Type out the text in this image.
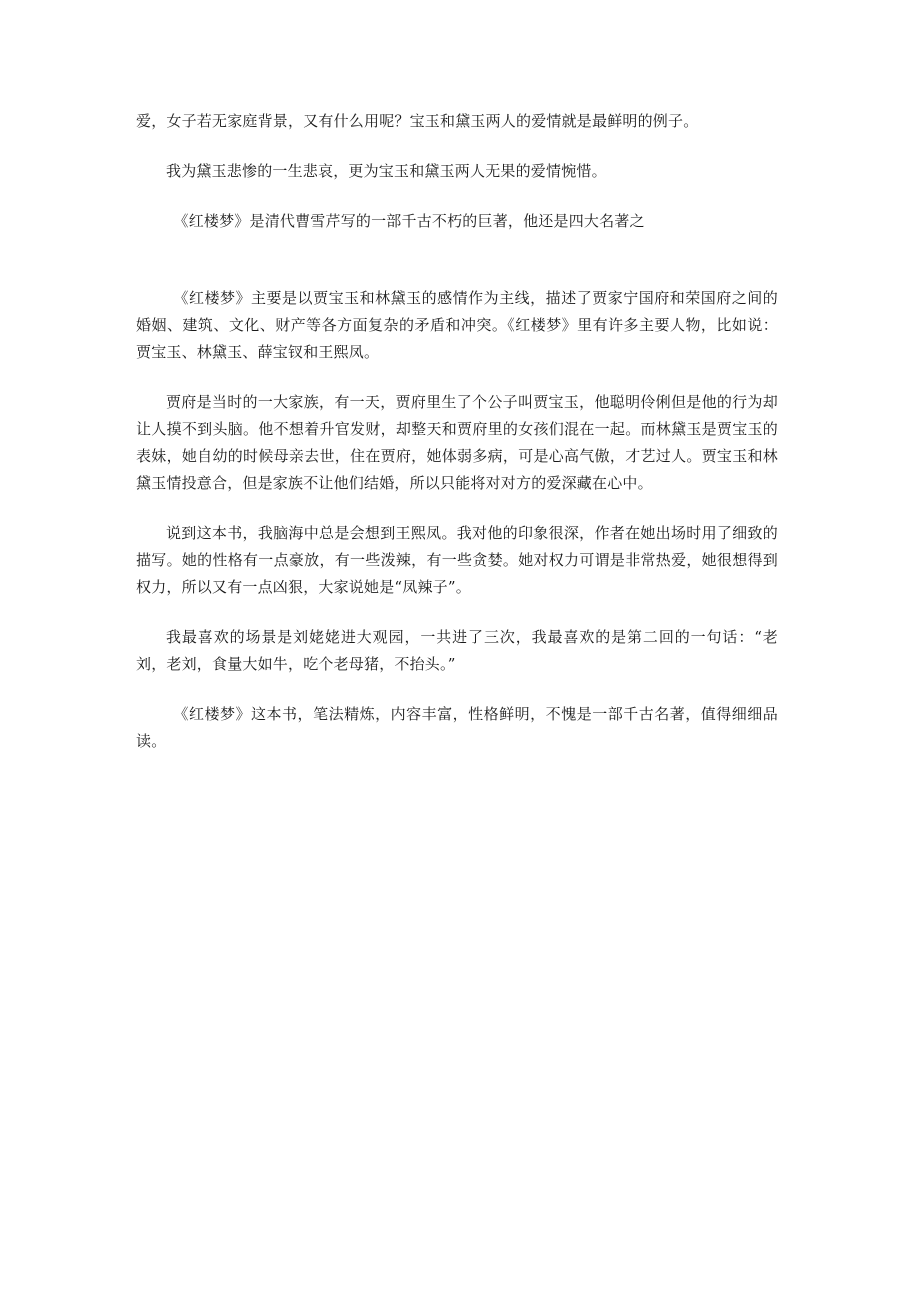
爱，女子若无家庭背景，又有什么用呢？宝玉和黛玉两人的爱情就是最鲜明的例子。

我为黛玉悲惨的一生悲哀，更为宝玉和黛玉两人无果的爱情惋惜。

《红楼梦》是清代曹雪芹写的一部千古不朽的巨著，他还是四大名著之

《红楼梦》主要是以贾宝玉和林黛玉的感情作为主线，描述了贾家宁国府和荣国府之间的婚姻、建筑、文化、财产等各方面复杂的矛盾和冲突。《红楼梦》里有许多主要人物，比如说：贾宝玉、林黛玉、薛宝钗和王熙凤。

贾府是当时的一大家族，有一天，贾府里生了个公子叫贾宝玉，他聪明伶俐但是他的行为却让人摸不到头脑。他不想着升官发财，却整天和贾府里的女孩们混在一起。而林黛玉是贾宝玉的表妹，她自幼的时候母亲去世，住在贾府，她体弱多病，可是心高气傲，才艺过人。贾宝玉和林黛玉情投意合，但是家族不让他们结婚，所以只能将对对方的爱深藏在心中。

说到这本书，我脑海中总是会想到王熙凤。我对他的印象很深，作者在她出场时用了细致的描写。她的性格有一点豪放，有一些泼辣，有一些贪婪。她对权力可谓是非常热爱，她很想得到权力，所以又有一点凶狠，大家说她是“凤辣子”。

我最喜欢的场景是刘姥姥进大观园，一共进了三次，我最喜欢的是第二回的一句话：“老刘，老刘，食量大如牛，吃个老母猪，不抬头。”

《红楼梦》这本书，笔法精炼，内容丰富，性格鲜明，不愧是一部千古名著，值得细细品读。
